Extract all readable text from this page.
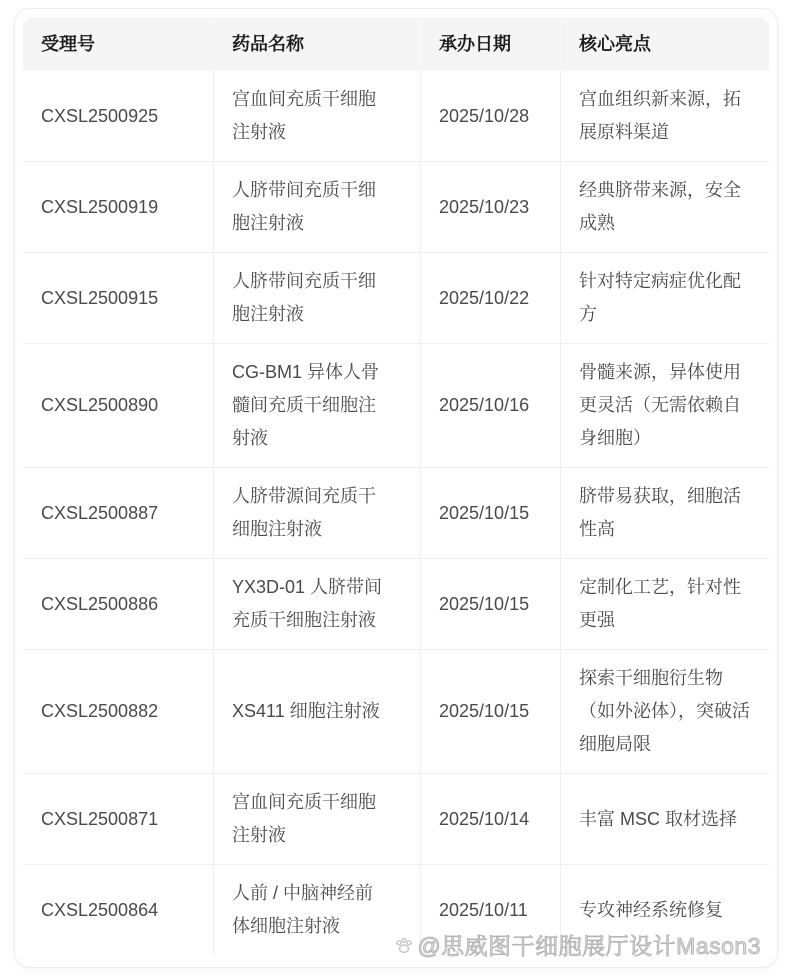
受理号	药品名称	承办日期	核心亮点

CXSL2500925	宫血间充质干细胞注射液	2025/10/28	宫血组织新来源，拓展原料渠道

CXSL2500919	人脐带间充质干细胞注射液	2025/10/23	经典脐带来源，安全成熟

CXSL2500915	人脐带间充质干细胞注射液	2025/10/22	针对特定病症优化配方

CXSL2500890	CG-BM1 异体人骨髓间充质干细胞注射液	2025/10/16	骨髓来源，异体使用更灵活（无需依赖自身细胞）

CXSL2500887	人脐带源间充质干细胞注射液	2025/10/15	脐带易获取，细胞活性高

CXSL2500886	YX3D-01 人脐带间充质干细胞注射液	2025/10/15	定制化工艺，针对性更强

CXSL2500882	XS411 细胞注射液	2025/10/15	探索干细胞衍生物（如外泌体），突破活细胞局限

CXSL2500871	宫血间充质干细胞注射液	2025/10/14	丰富 MSC 取材选择

CXSL2500864	人前 / 中脑神经前体细胞注射液	2025/10/11	专攻神经系统修复
@思威图干细胞展厅设计Mason3
